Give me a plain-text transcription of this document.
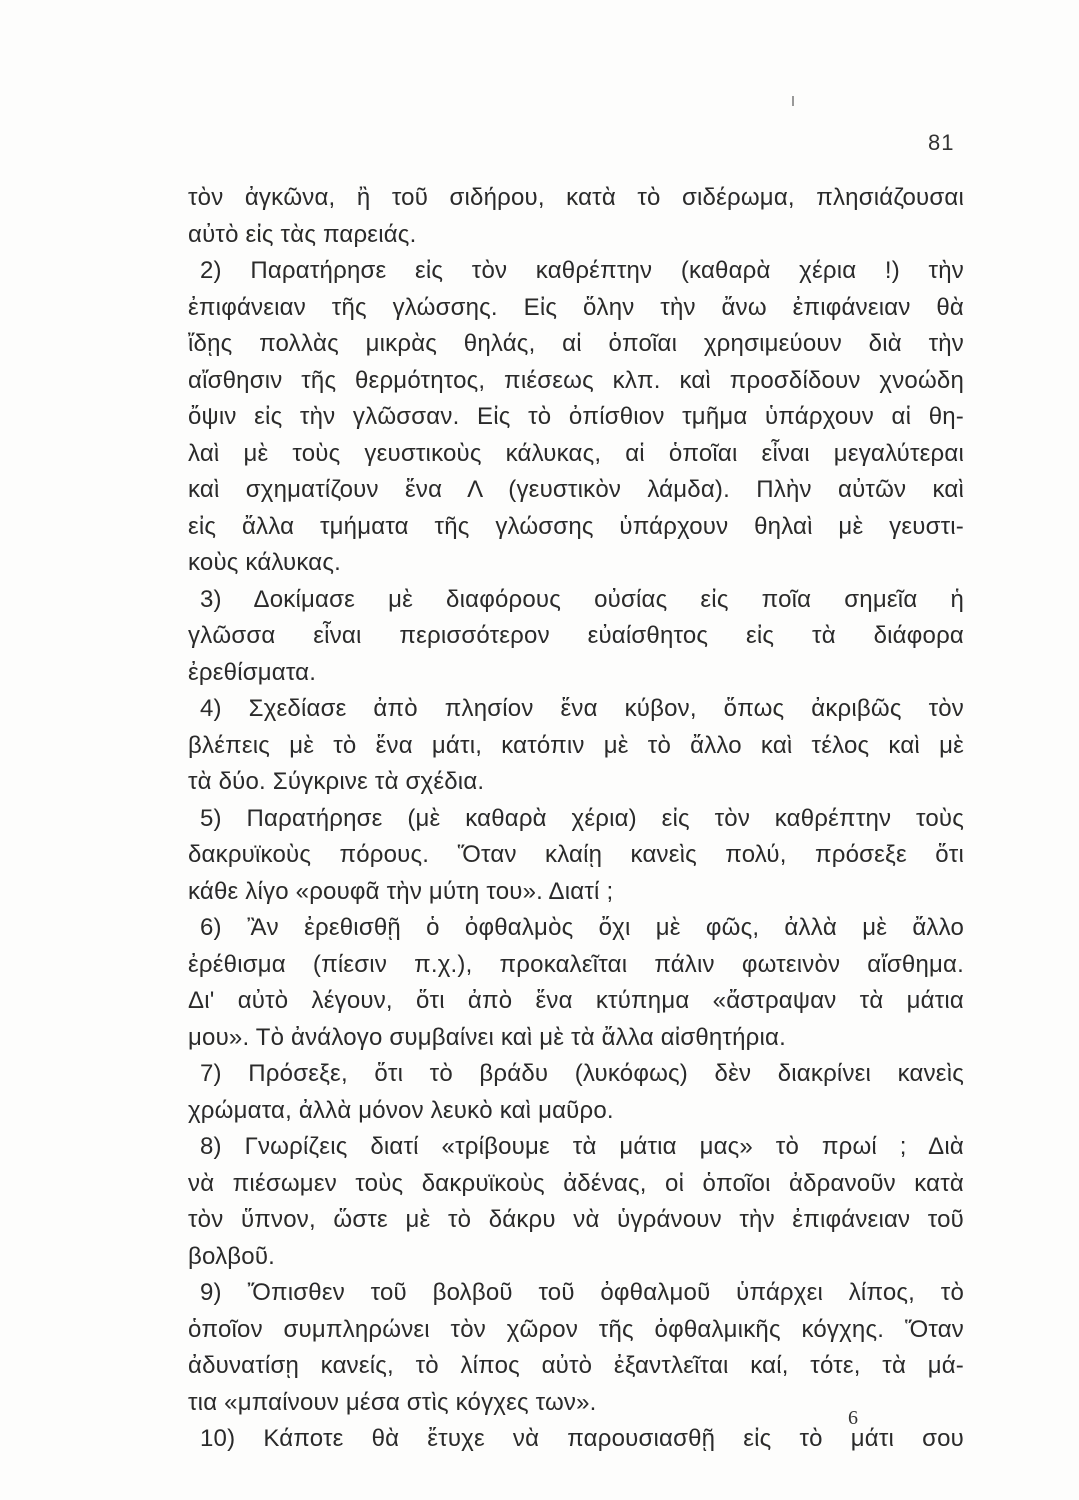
81
τὸν ἀγκῶνα, ἢ τοῦ σιδήρου, κατὰ τὸ σιδέρωμα, πλησιάζουσαι
αὐτὸ εἰς τὰς παρειάς.
2) Παρατήρησε εἰς τὸν καθρέπτην (καθαρὰ χέρια !) τὴν
ἐπιφάνειαν τῆς γλώσσης. Εἰς ὅλην τὴν ἄνω ἐπιφάνειαν θὰ
ἴδῃς πολλὰς μικρὰς θηλάς, αἱ ὁποῖαι χρησιμεύουν διὰ τὴν
αἴσθησιν τῆς θερμότητος, πιέσεως κλπ. καὶ προσδίδουν χνοώδη
ὄψιν εἰς τὴν γλῶσσαν. Εἰς τὸ ὀπίσθιον τμῆμα ὑπάρχουν αἱ θη-
λαὶ μὲ τοὺς γευστικοὺς κάλυκας, αἱ ὁποῖαι εἶναι μεγαλύτεραι
καὶ σχηματίζουν ἕνα Λ (γευστικὸν λάμδα). Πλὴν αὐτῶν καὶ
εἰς ἄλλα τμήματα τῆς γλώσσης ὑπάρχουν θηλαὶ μὲ γευστι-
κοὺς κάλυκας.
3) Δοκίμασε μὲ διαφόρους οὐσίας εἰς ποῖα σημεῖα ἡ
γλῶσσα εἶναι περισσότερον εὐαίσθητος εἰς τὰ διάφορα
ἐρεθίσματα.
4) Σχεδίασε ἀπὸ πλησίον ἕνα κύβον, ὅπως ἀκριβῶς τὸν
βλέπεις μὲ τὸ ἕνα μάτι, κατόπιν μὲ τὸ ἄλλο καὶ τέλος καὶ μὲ
τὰ δύο. Σύγκρινε τὰ σχέδια.
5) Παρατήρησε (μὲ καθαρὰ χέρια) εἰς τὸν καθρέπτην τοὺς
δακρυϊκοὺς πόρους. Ὅταν κλαίῃ κανεὶς πολύ, πρόσεξε ὅτι
κάθε λίγο «ρουφᾶ τὴν μύτη του». Διατί ;
6) Ἂν ἐρεθισθῇ ὁ ὀφθαλμὸς ὄχι μὲ φῶς, ἀλλὰ μὲ ἄλλο
ἐρέθισμα (πίεσιν π.χ.), προκαλεῖται πάλιν φωτεινὸν αἴσθημα.
Δι' αὐτὸ λέγουν, ὅτι ἀπὸ ἕνα κτύπημα «ἄστραψαν τὰ μάτια
μου». Τὸ ἀνάλογο συμβαίνει καὶ μὲ τὰ ἄλλα αἰσθητήρια.
7) Πρόσεξε, ὅτι τὸ βράδυ (λυκόφως) δὲν διακρίνει κανεὶς
χρώματα, ἀλλὰ μόνον λευκὸ καὶ μαῦρο.
8) Γνωρίζεις διατί «τρίβουμε τὰ μάτια μας» τὸ πρωί ; Διὰ
νὰ πιέσωμεν τοὺς δακρυϊκοὺς ἀδένας, οἱ ὁποῖοι ἀδρανοῦν κατὰ
τὸν ὕπνον, ὥστε μὲ τὸ δάκρυ νὰ ὑγράνουν τὴν ἐπιφάνειαν τοῦ
βολβοῦ.
9) Ὄπισθεν τοῦ βολβοῦ τοῦ ὀφθαλμοῦ ὑπάρχει λίπος, τὸ
ὁποῖον συμπληρώνει τὸν χῶρον τῆς ὀφθαλμικῆς κόγχης. Ὅταν
ἀδυνατίσῃ κανείς, τὸ λίπος αὐτὸ ἐξαντλεῖται καί, τότε, τὰ μά-
τια «μπαίνουν μέσα στὶς κόγχες των».
10) Κάποτε θὰ ἔτυχε νὰ παρουσιασθῇ εἰς τὸ μάτι σου
6
